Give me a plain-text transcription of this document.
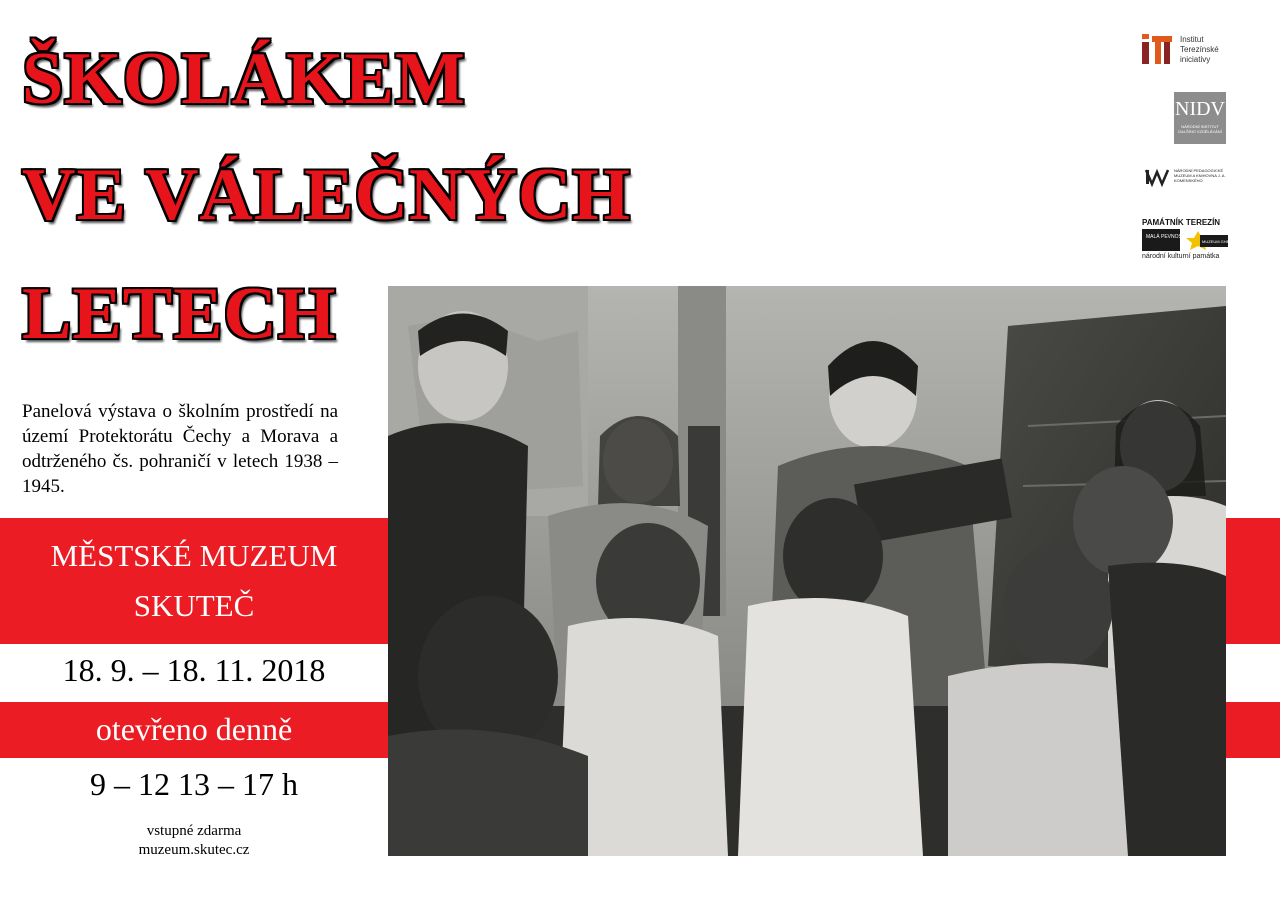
ŠKOLÁKEM
VE VÁLEČNÝCH
LETECH

Panelová výstava o školním prostředí na území Protektorátu Čechy a Morava a odtrženého čs. pohraničí v letech 1938 – 1945.

MĚSTSKÉ MUZEUM
SKUTEČ
18. 9. – 18. 11. 2018
otevřeno denně
9 – 12 13 – 17 h
vstupné zdarma
muzeum.skutec.cz
Institut Terezínské iniciativy
NIDV
NÁRODNÍ INSTITUT DALŠÍHO VZDĚLÁVÁNÍ
NÁRODNÍ PEDAGOGICKÉ MUZEUM A KNIHOVNA J. A. KOMENSKÉHO
PAMÁTNÍK TEREZÍN
MALÁ PEVNOST
MUZEUM GHETTA
národní kulturní památka
